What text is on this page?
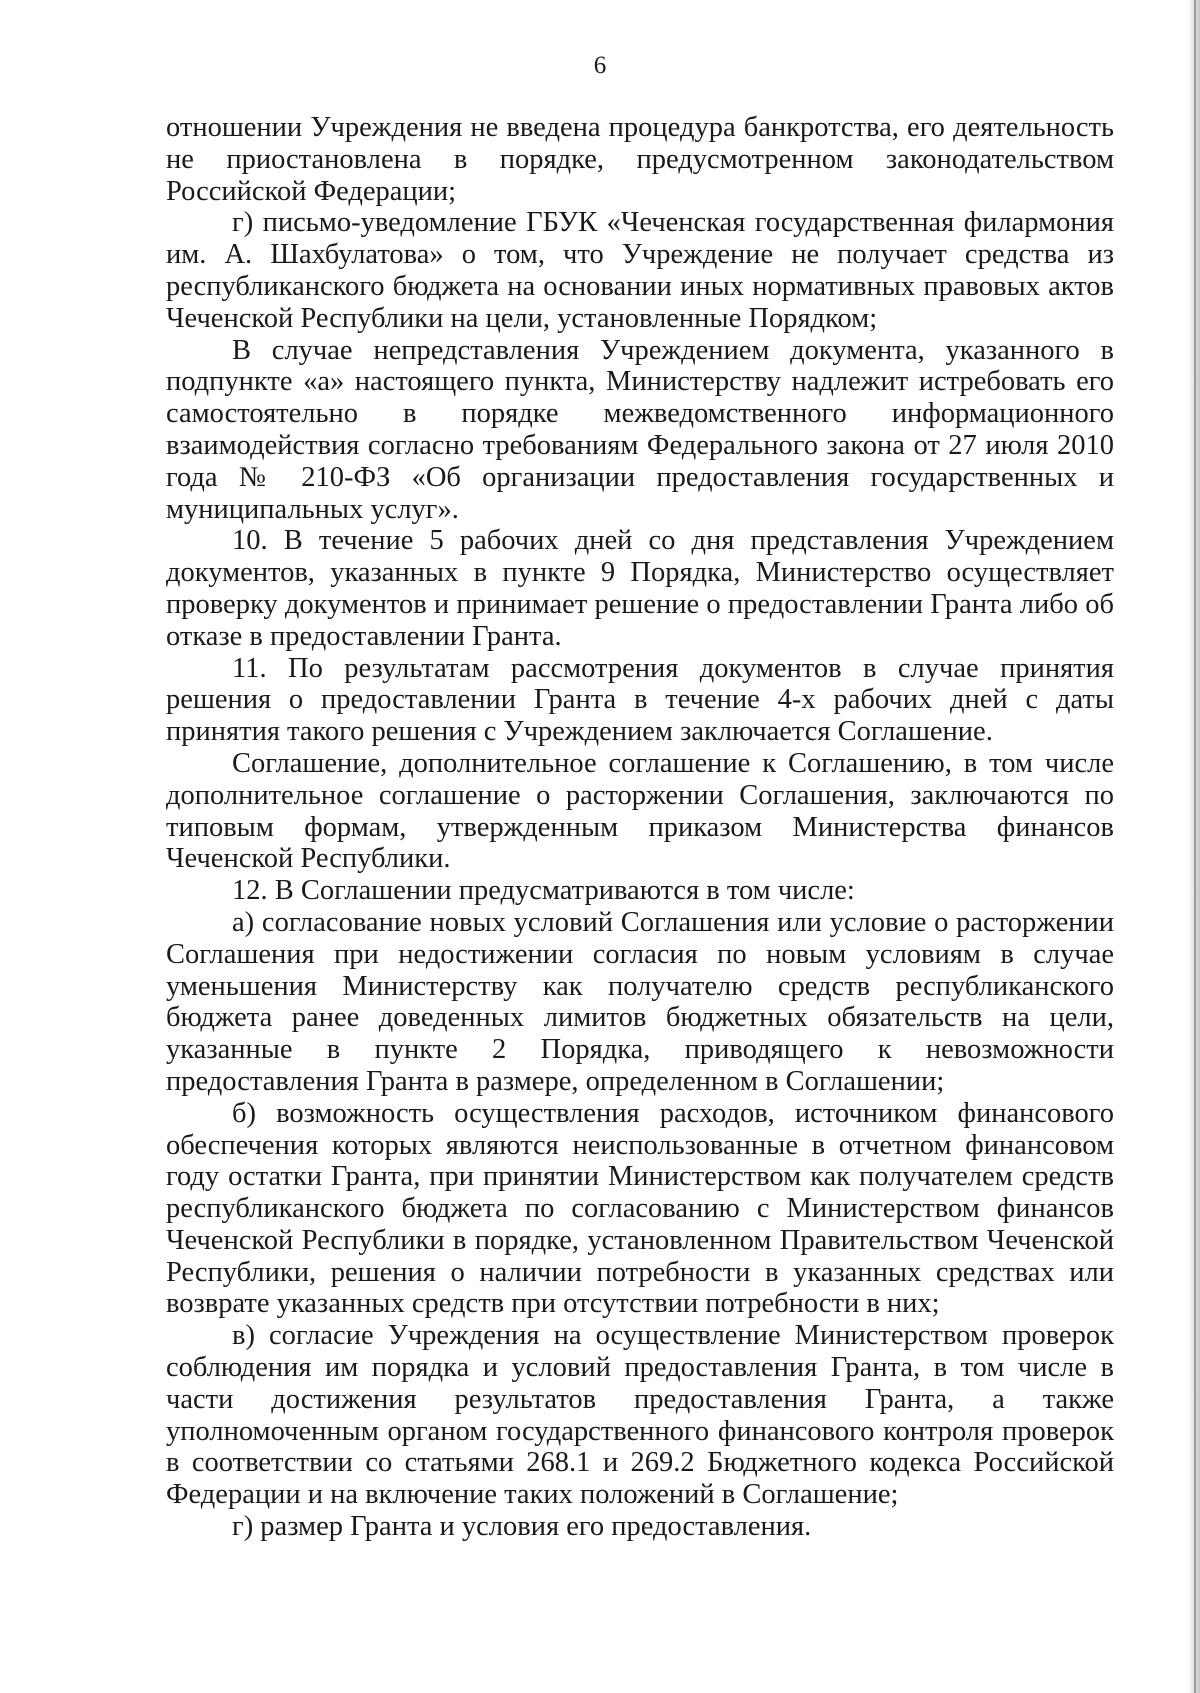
6

отношении Учреждения не введена процедура банкротства, его деятельность не приостановлена в порядке, предусмотренном законодательством Российской Федерации;

г) письмо-уведомление ГБУК «Чеченская государственная филармония им. А. Шахбулатова» о том, что Учреждение не получает средства из республиканского бюджета на основании иных нормативных правовых актов Чеченской Республики на цели, установленные Порядком;

В случае непредставления Учреждением документа, указанного в подпункте «а» настоящего пункта, Министерству надлежит истребовать его самостоятельно в порядке межведомственного информационного взаимодействия согласно требованиям Федерального закона от 27 июля 2010 года № 210-ФЗ «Об организации предоставления государственных и муниципальных услуг».

10. В течение 5 рабочих дней со дня представления Учреждением документов, указанных в пункте 9 Порядка, Министерство осуществляет проверку документов и принимает решение о предоставлении Гранта либо об отказе в предоставлении Гранта.

11. По результатам рассмотрения документов в случае принятия решения о предоставлении Гранта в течение 4-х рабочих дней с даты принятия такого решения с Учреждением заключается Соглашение.

Соглашение, дополнительное соглашение к Соглашению, в том числе дополнительное соглашение о расторжении Соглашения, заключаются по типовым формам, утвержденным приказом Министерства финансов Чеченской Республики.

12. В Соглашении предусматриваются в том числе:

а) согласование новых условий Соглашения или условие о расторжении Соглашения при недостижении согласия по новым условиям в случае уменьшения Министерству как получателю средств республиканского бюджета ранее доведенных лимитов бюджетных обязательств на цели, указанные в пункте 2 Порядка, приводящего к невозможности предоставления Гранта в размере, определенном в Соглашении;

б) возможность осуществления расходов, источником финансового обеспечения которых являются неиспользованные в отчетном финансовом году остатки Гранта, при принятии Министерством как получателем средств республиканского бюджета по согласованию с Министерством финансов Чеченской Республики в порядке, установленном Правительством Чеченской Республики, решения о наличии потребности в указанных средствах или возврате указанных средств при отсутствии потребности в них;

в) согласие Учреждения на осуществление Министерством проверок соблюдения им порядка и условий предоставления Гранта, в том числе в части достижения результатов предоставления Гранта, а также уполномоченным органом государственного финансового контроля проверок в соответствии со статьями 268.1 и 269.2 Бюджетного кодекса Российской Федерации и на включение таких положений в Соглашение;

г) размер Гранта и условия его предоставления.
